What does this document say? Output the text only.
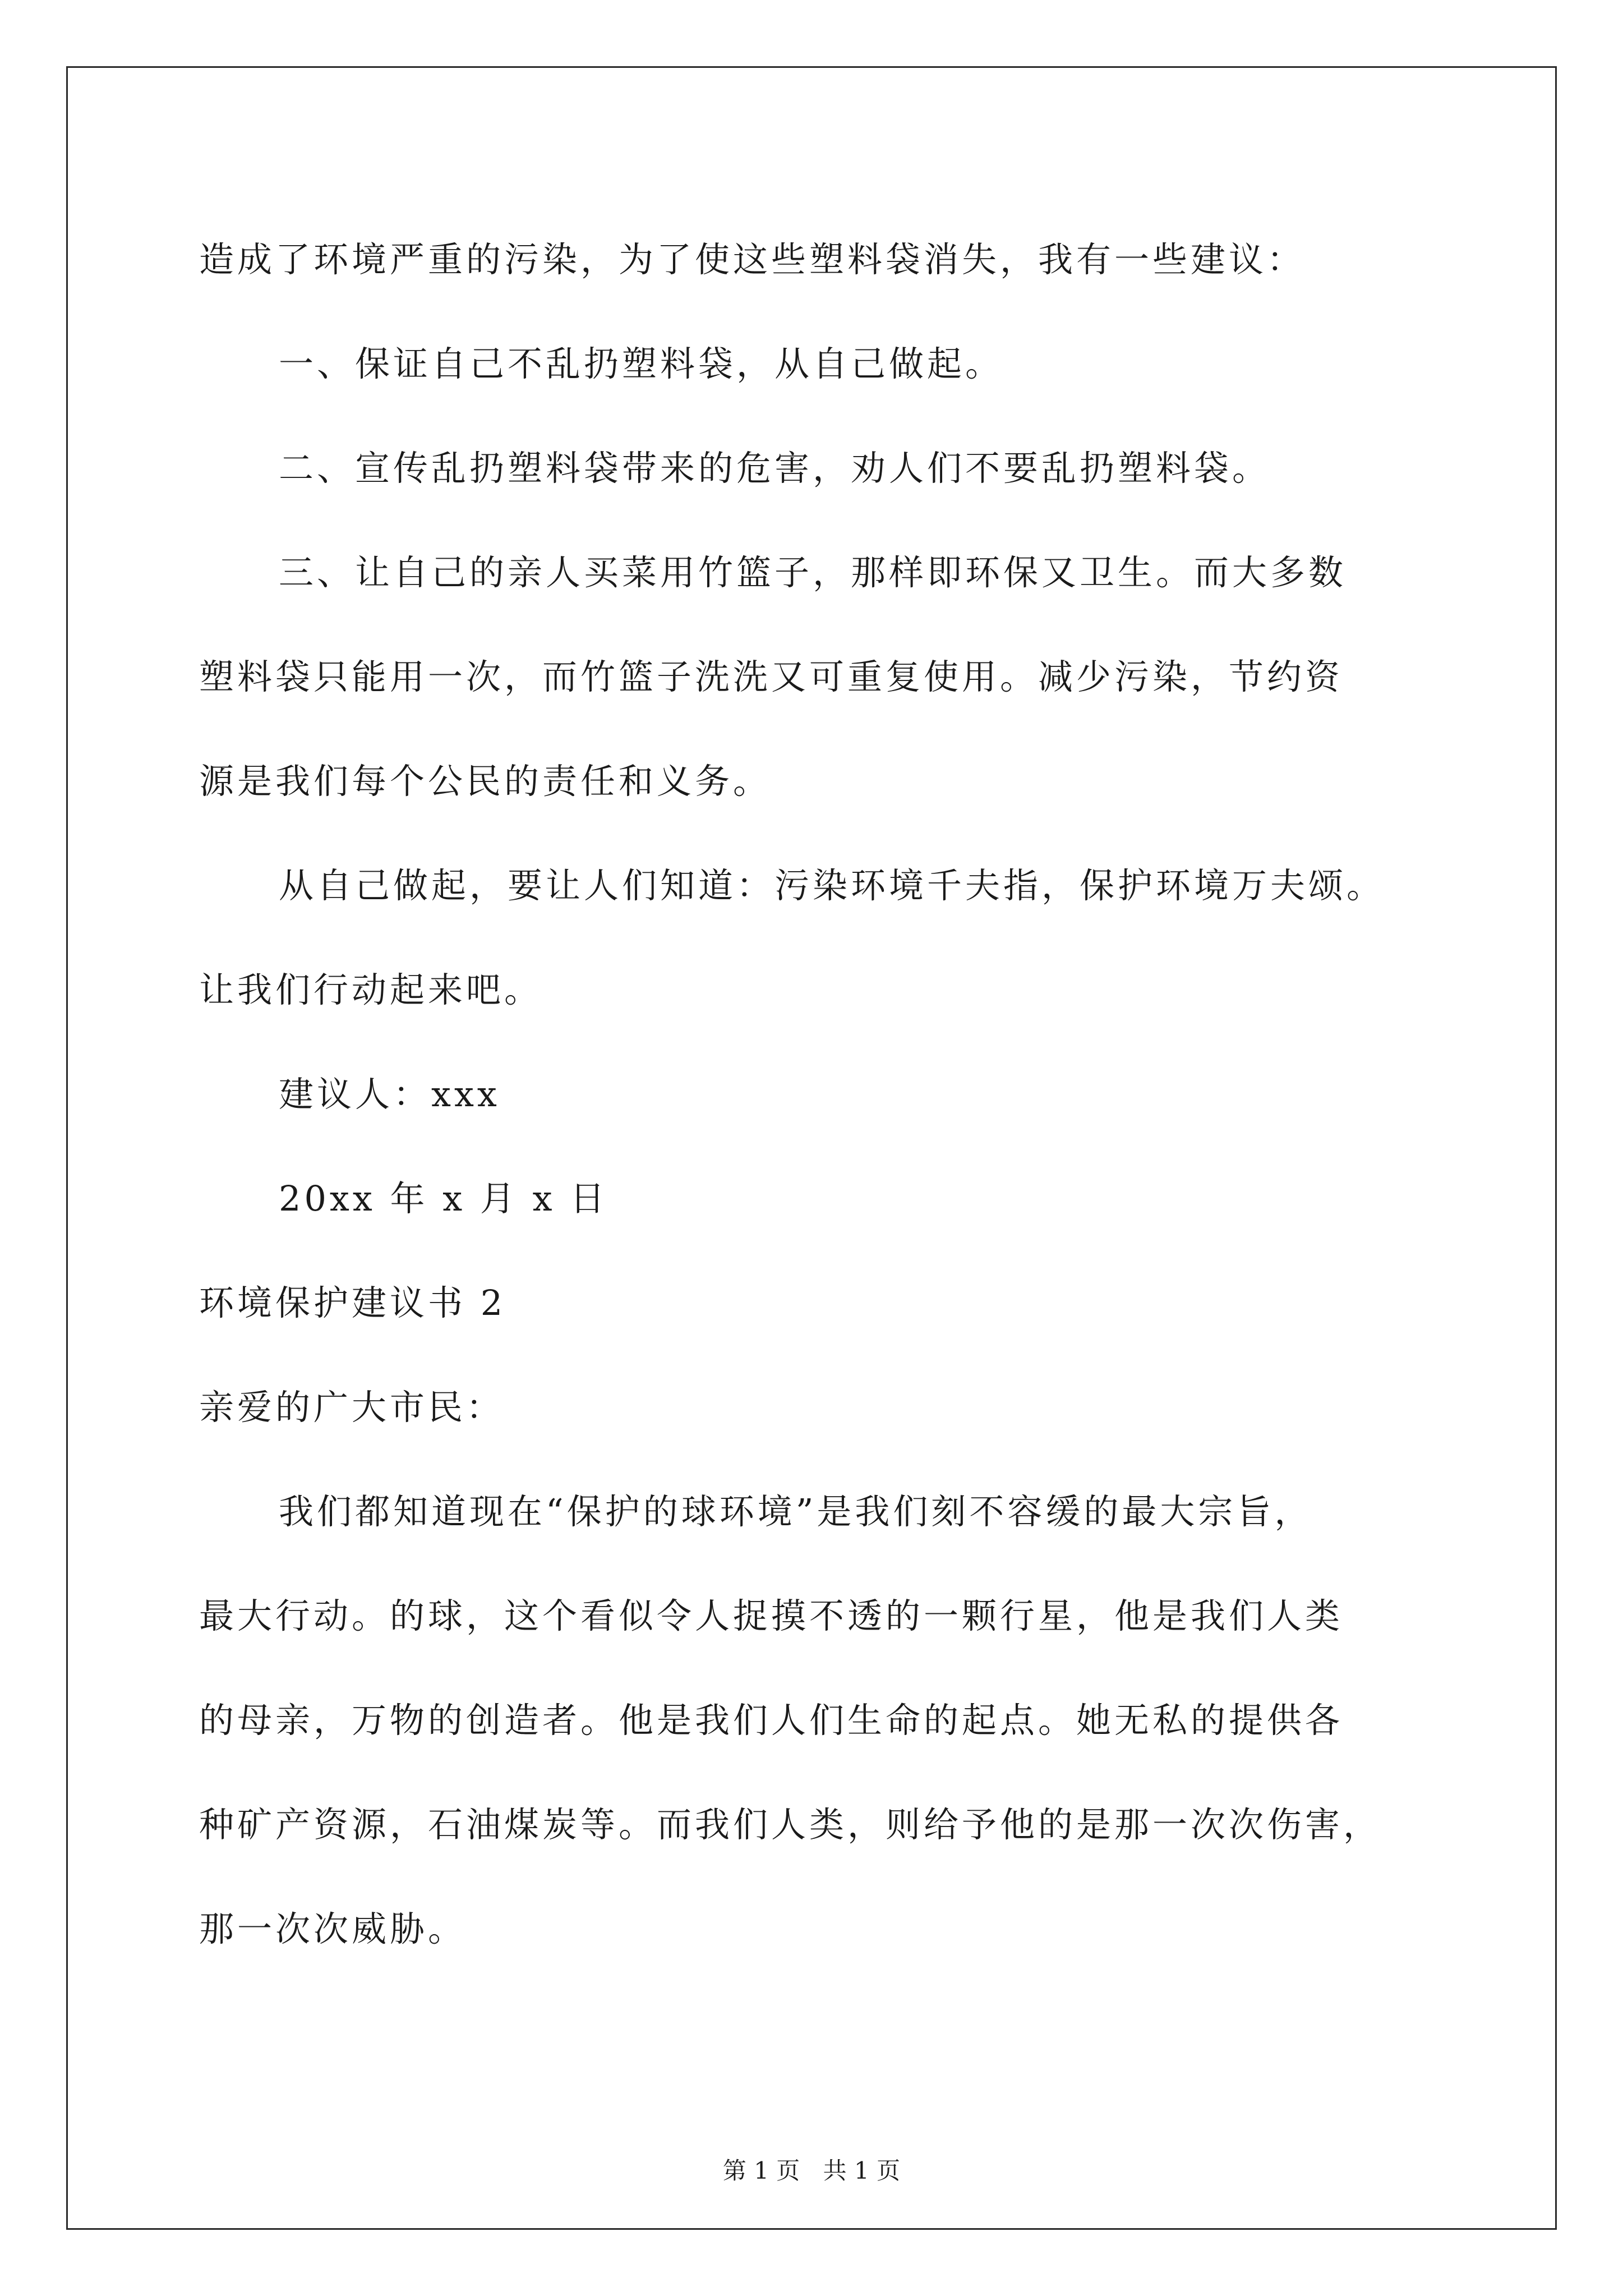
造成了环境严重的污染，为了使这些塑料袋消失，我有一些建议：
一、保证自己不乱扔塑料袋，从自己做起。
二、宣传乱扔塑料袋带来的危害，劝人们不要乱扔塑料袋。
三、让自己的亲人买菜用竹篮子，那样即环保又卫生。而大多数
塑料袋只能用一次，而竹篮子洗洗又可重复使用。减少污染，节约资
源是我们每个公民的责任和义务。
从自己做起，要让人们知道：污染环境千夫指，保护环境万夫颂。
让我们行动起来吧。
建议人：xxx
20xx 年 x 月 x 日
环境保护建议书 2
亲爱的广大市民：
我们都知道现在“保护的球环境”是我们刻不容缓的最大宗旨，
最大行动。的球，这个看似令人捉摸不透的一颗行星，他是我们人类
的母亲，万物的创造者。他是我们人们生命的起点。她无私的提供各
种矿产资源，石油煤炭等。而我们人类，则给予他的是那一次次伤害，
那一次次威胁。
第 1 页 共 1 页
